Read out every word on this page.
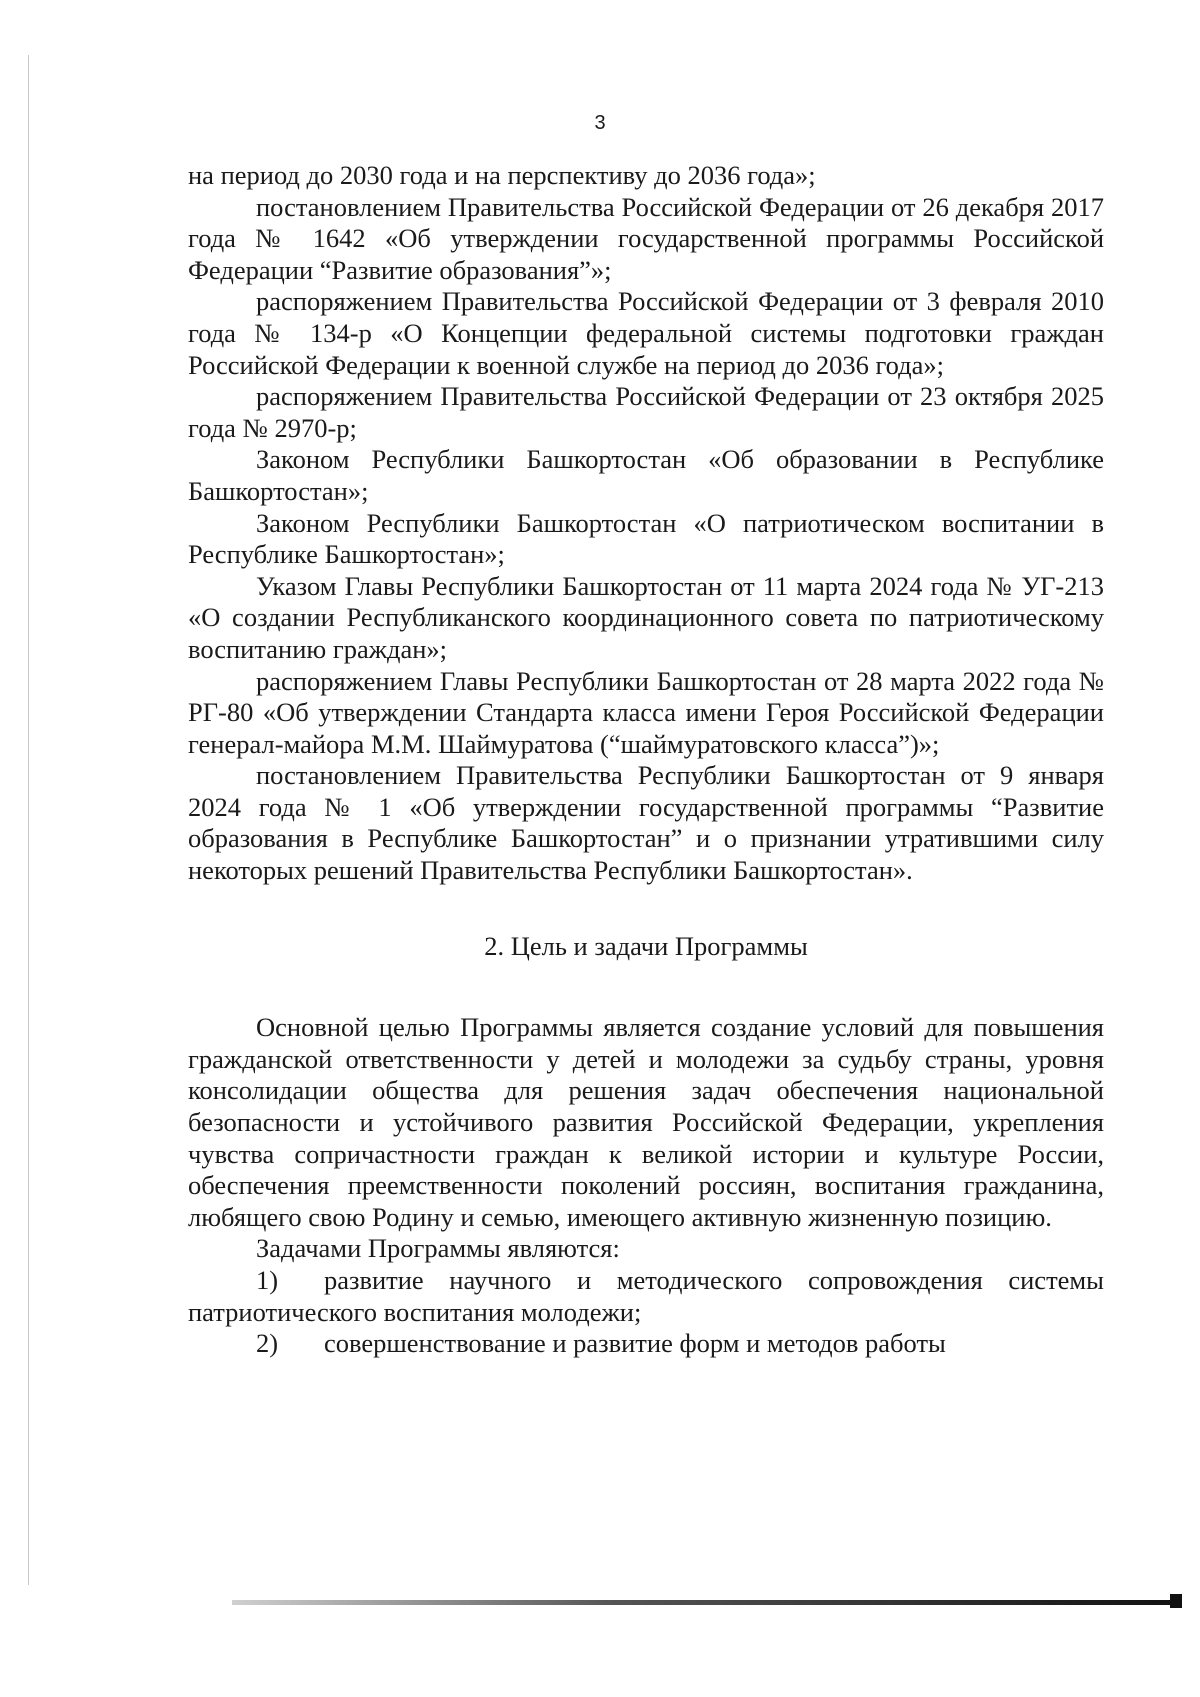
3

на период до 2030 года и на перспективу до 2036 года»;

постановлением Правительства Российской Федерации от 26 декабря 2017 года № 1642 «Об утверждении государственной программы Российской Федерации “Развитие образования”»;

распоряжением Правительства Российской Федерации от 3 февраля 2010 года № 134-р «О Концепции федеральной системы подготовки граждан Российской Федерации к военной службе на период до 2036 года»;

распоряжением Правительства Российской Федерации от 23 октября 2025 года № 2970-р;

Законом Республики Башкортостан «Об образовании в Республике Башкортостан»;

Законом Республики Башкортостан «О патриотическом воспитании в Республике Башкортостан»;

Указом Главы Республики Башкортостан от 11 марта 2024 года № УГ-213 «О создании Республиканского координационного совета по патриотическому воспитанию граждан»;

распоряжением Главы Республики Башкортостан от 28 марта 2022 года № РГ-80 «Об утверждении Стандарта класса имени Героя Российской Федерации генерал-майора М.М. Шаймуратова (“шаймуратовского класса”)»;

постановлением Правительства Республики Башкортостан от 9 января 2024 года № 1 «Об утверждении государственной программы “Развитие образования в Республике Башкортостан” и о признании утратившими силу некоторых решений Правительства Республики Башкортостан».

2. Цель и задачи Программы

Основной целью Программы является создание условий для повышения гражданской ответственности у детей и молодежи за судьбу страны, уровня консолидации общества для решения задач обеспечения национальной безопасности и устойчивого развития Российской Федерации, укрепления чувства сопричастности граждан к великой истории и культуре России, обеспечения преемственности поколений россиян, воспитания гражданина, любящего свою Родину и семью, имеющего активную жизненную позицию.

Задачами Программы являются:

1) развитие научного и методического сопровождения системы патриотического воспитания молодежи;

2) совершенствование и развитие форм и методов работы
